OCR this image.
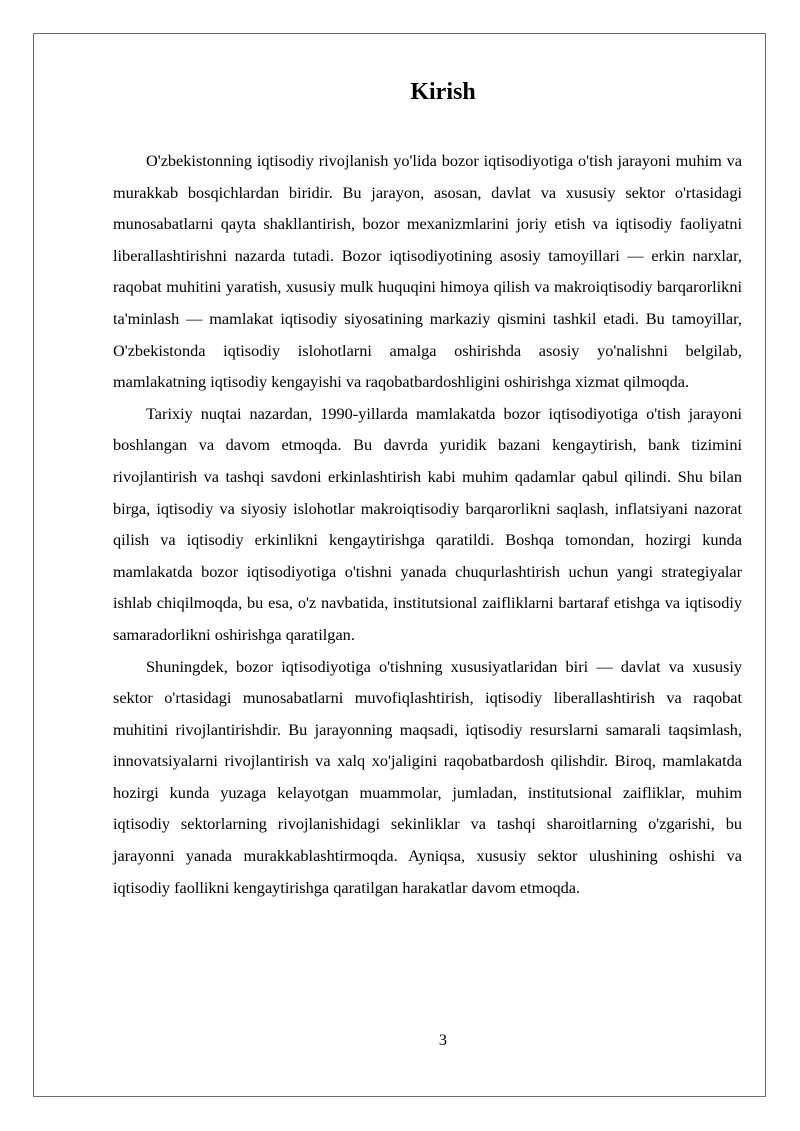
Kirish

O'zbekistonning iqtisodiy rivojlanish yo'lida bozor iqtisodiyotiga o'tish jarayoni muhim va murakkab bosqichlardan biridir. Bu jarayon, asosan, davlat va xususiy sektor o'rtasidagi munosabatlarni qayta shakllantirish, bozor mexanizmlarini joriy etish va iqtisodiy faoliyatni liberallashtirishni nazarda tutadi. Bozor iqtisodiyotining asosiy tamoyillari — erkin narxlar, raqobat muhitini yaratish, xususiy mulk huquqini himoya qilish va makroiqtisodiy barqarorlikni ta'minlash — mamlakat iqtisodiy siyosatining markaziy qismini tashkil etadi. Bu tamoyillar, O'zbekistonda iqtisodiy islohotlarni amalga oshirishda asosiy yo'nalishni belgilab, mamlakatning iqtisodiy kengayishi va raqobatbardoshligini oshirishga xizmat qilmoqda.

Tarixiy nuqtai nazardan, 1990-yillarda mamlakatda bozor iqtisodiyotiga o'tish jarayoni boshlangan va davom etmoqda. Bu davrda yuridik bazani kengaytirish, bank tizimini rivojlantirish va tashqi savdoni erkinlashtirish kabi muhim qadamlar qabul qilindi. Shu bilan birga, iqtisodiy va siyosiy islohotlar makroiqtisodiy barqarorlikni saqlash, inflatsiyani nazorat qilish va iqtisodiy erkinlikni kengaytirishga qaratildi. Boshqa tomondan, hozirgi kunda mamlakatda bozor iqtisodiyotiga o'tishni yanada chuqurlashtirish uchun yangi strategiyalar ishlab chiqilmoqda, bu esa, o'z navbatida, institutsional zaifliklarni bartaraf etishga va iqtisodiy samaradorlikni oshirishga qaratilgan.

Shuningdek, bozor iqtisodiyotiga o'tishning xususiyatlaridan biri — davlat va xususiy sektor o'rtasidagi munosabatlarni muvofiqlashtirish, iqtisodiy liberallashtirish va raqobat muhitini rivojlantirishdir. Bu jarayonning maqsadi, iqtisodiy resurslarni samarali taqsimlash, innovatsiyalarni rivojlantirish va xalq xo'jaligini raqobatbardosh qilishdir. Biroq, mamlakatda hozirgi kunda yuzaga kelayotgan muammolar, jumladan, institutsional zaifliklar, muhim iqtisodiy sektorlarning rivojlanishidagi sekinliklar va tashqi sharoitlarning o'zgarishi, bu jarayonni yanada murakkablashtirmoqda. Ayniqsa, xususiy sektor ulushining oshishi va iqtisodiy faollikni kengaytirishga qaratilgan harakatlar davom etmoqda.

3
